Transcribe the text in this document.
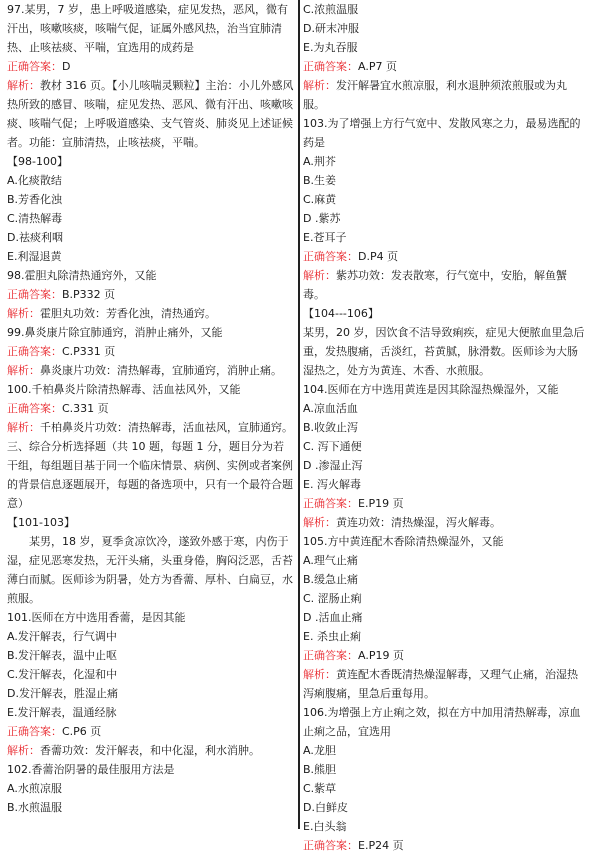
97.某男，7 岁，患上呼吸道感染，症见发热，恶风，微有汗出，咳嗽咳痰，咳喘气促，证属外感风热，治当宜肺清热、止咳祛痰、平喘，宜选用的成药是

正确答案：D

解析：教材 316 页。【小儿咳喘灵颗粒】主治：小儿外感风热所致的感冒、咳喘，症见发热、恶风、微有汗出、咳嗽咳痰、咳喘气促；上呼吸道感染、支气管炎、肺炎见上述证候者。功能：宣肺清热，止咳祛痰，平喘。

【98-100】

A.化痰散结

B.芳香化浊

C.清热解毒

D.祛痰利咽

E.利湿退黄

98.霍胆丸除清热通窍外，又能

正确答案：B.P332 页

解析：霍胆丸功效：芳香化浊，清热通窍。

99.鼻炎康片除宜肺通窍，消肿止痛外，又能

正确答案：C.P331 页

解析：鼻炎康片功效：清热解毒，宜肺通窍，消肿止痛。

100.千柏鼻炎片除清热解毒、活血祛风外，又能

正确答案：C.331 页

解析：千柏鼻炎片功效：清热解毒，活血祛风，宣肺通窍。

三、综合分析选择题（共 10 题，每题 1 分，题目分为若干组，每组题目基于同一个临床情景、病例、实例或者案例的背景信息逐题展开，每题的备选项中，只有一个最符合题意）

【101-103】

某男，18 岁，夏季贪凉饮冷，遂致外感于寒，内伤于湿，症见恶寒发热，无汗头痛，头重身倦，胸闷泛恶，舌苔薄白而腻。医师诊为阴暑，处方为香薷、厚朴、白扁豆，水煎服。

101.医师在方中选用香薷，是因其能

A.发汗解表，行气调中

B.发汗解表，温中止呕

C.发汗解表，化湿和中

D.发汗解表，胜湿止痛

E.发汗解表，温通经脉

正确答案：C.P6 页

解析：香薷功效：发汗解表，和中化湿，利水消肿。

102.香薷治阴暑的最佳服用方法是

A.水煎凉服

B.水煎温服

C.浓煎温服

D.研末冲服

E.为丸吞服

正确答案：A.P7 页

解析：发汗解暑宜水煎凉服，利水退肿须浓煎服或为丸服。

103.为了增强上方行气宽中、发散风寒之力，最易选配的药是

A.荆芥

B.生姜

C.麻黄

D .紫苏

E.苍耳子

正确答案：D.P4 页

解析：紫苏功效：发表散寒，行气宽中，安胎，解鱼蟹毒。

【104---106】

某男，20 岁，因饮食不洁导致痢疾，症见大便脓血里急后重，发热腹痛，舌淡红，苔黄腻，脉滑数。医师诊为大肠湿热之，处方为黄连、木香、水煎服。

104.医师在方中选用黄连是因其除湿热燥湿外，又能

A.凉血活血

B.收敛止泻

C. 泻下通便

D .渗湿止泻

E. 泻火解毒

正确答案：E.P19 页

解析：黄连功效：清热燥湿，泻火解毒。

105.方中黄连配木香除清热燥湿外，又能

A.理气止痛

B.缓急止痛

C. 涩肠止痢

D .活血止痛

E. 杀虫止痢

正确答案：A.P19 页

解析：黄连配木香既清热燥湿解毒，又理气止痛，治湿热泻痢腹痛，里急后重每用。

106.为增强上方止痢之效，拟在方中加用清热解毒，凉血止痢之品，宜选用

A.龙胆

B.熊胆

C.紫草

D.白鲜皮

E.白头翁

正确答案：E.P24 页
